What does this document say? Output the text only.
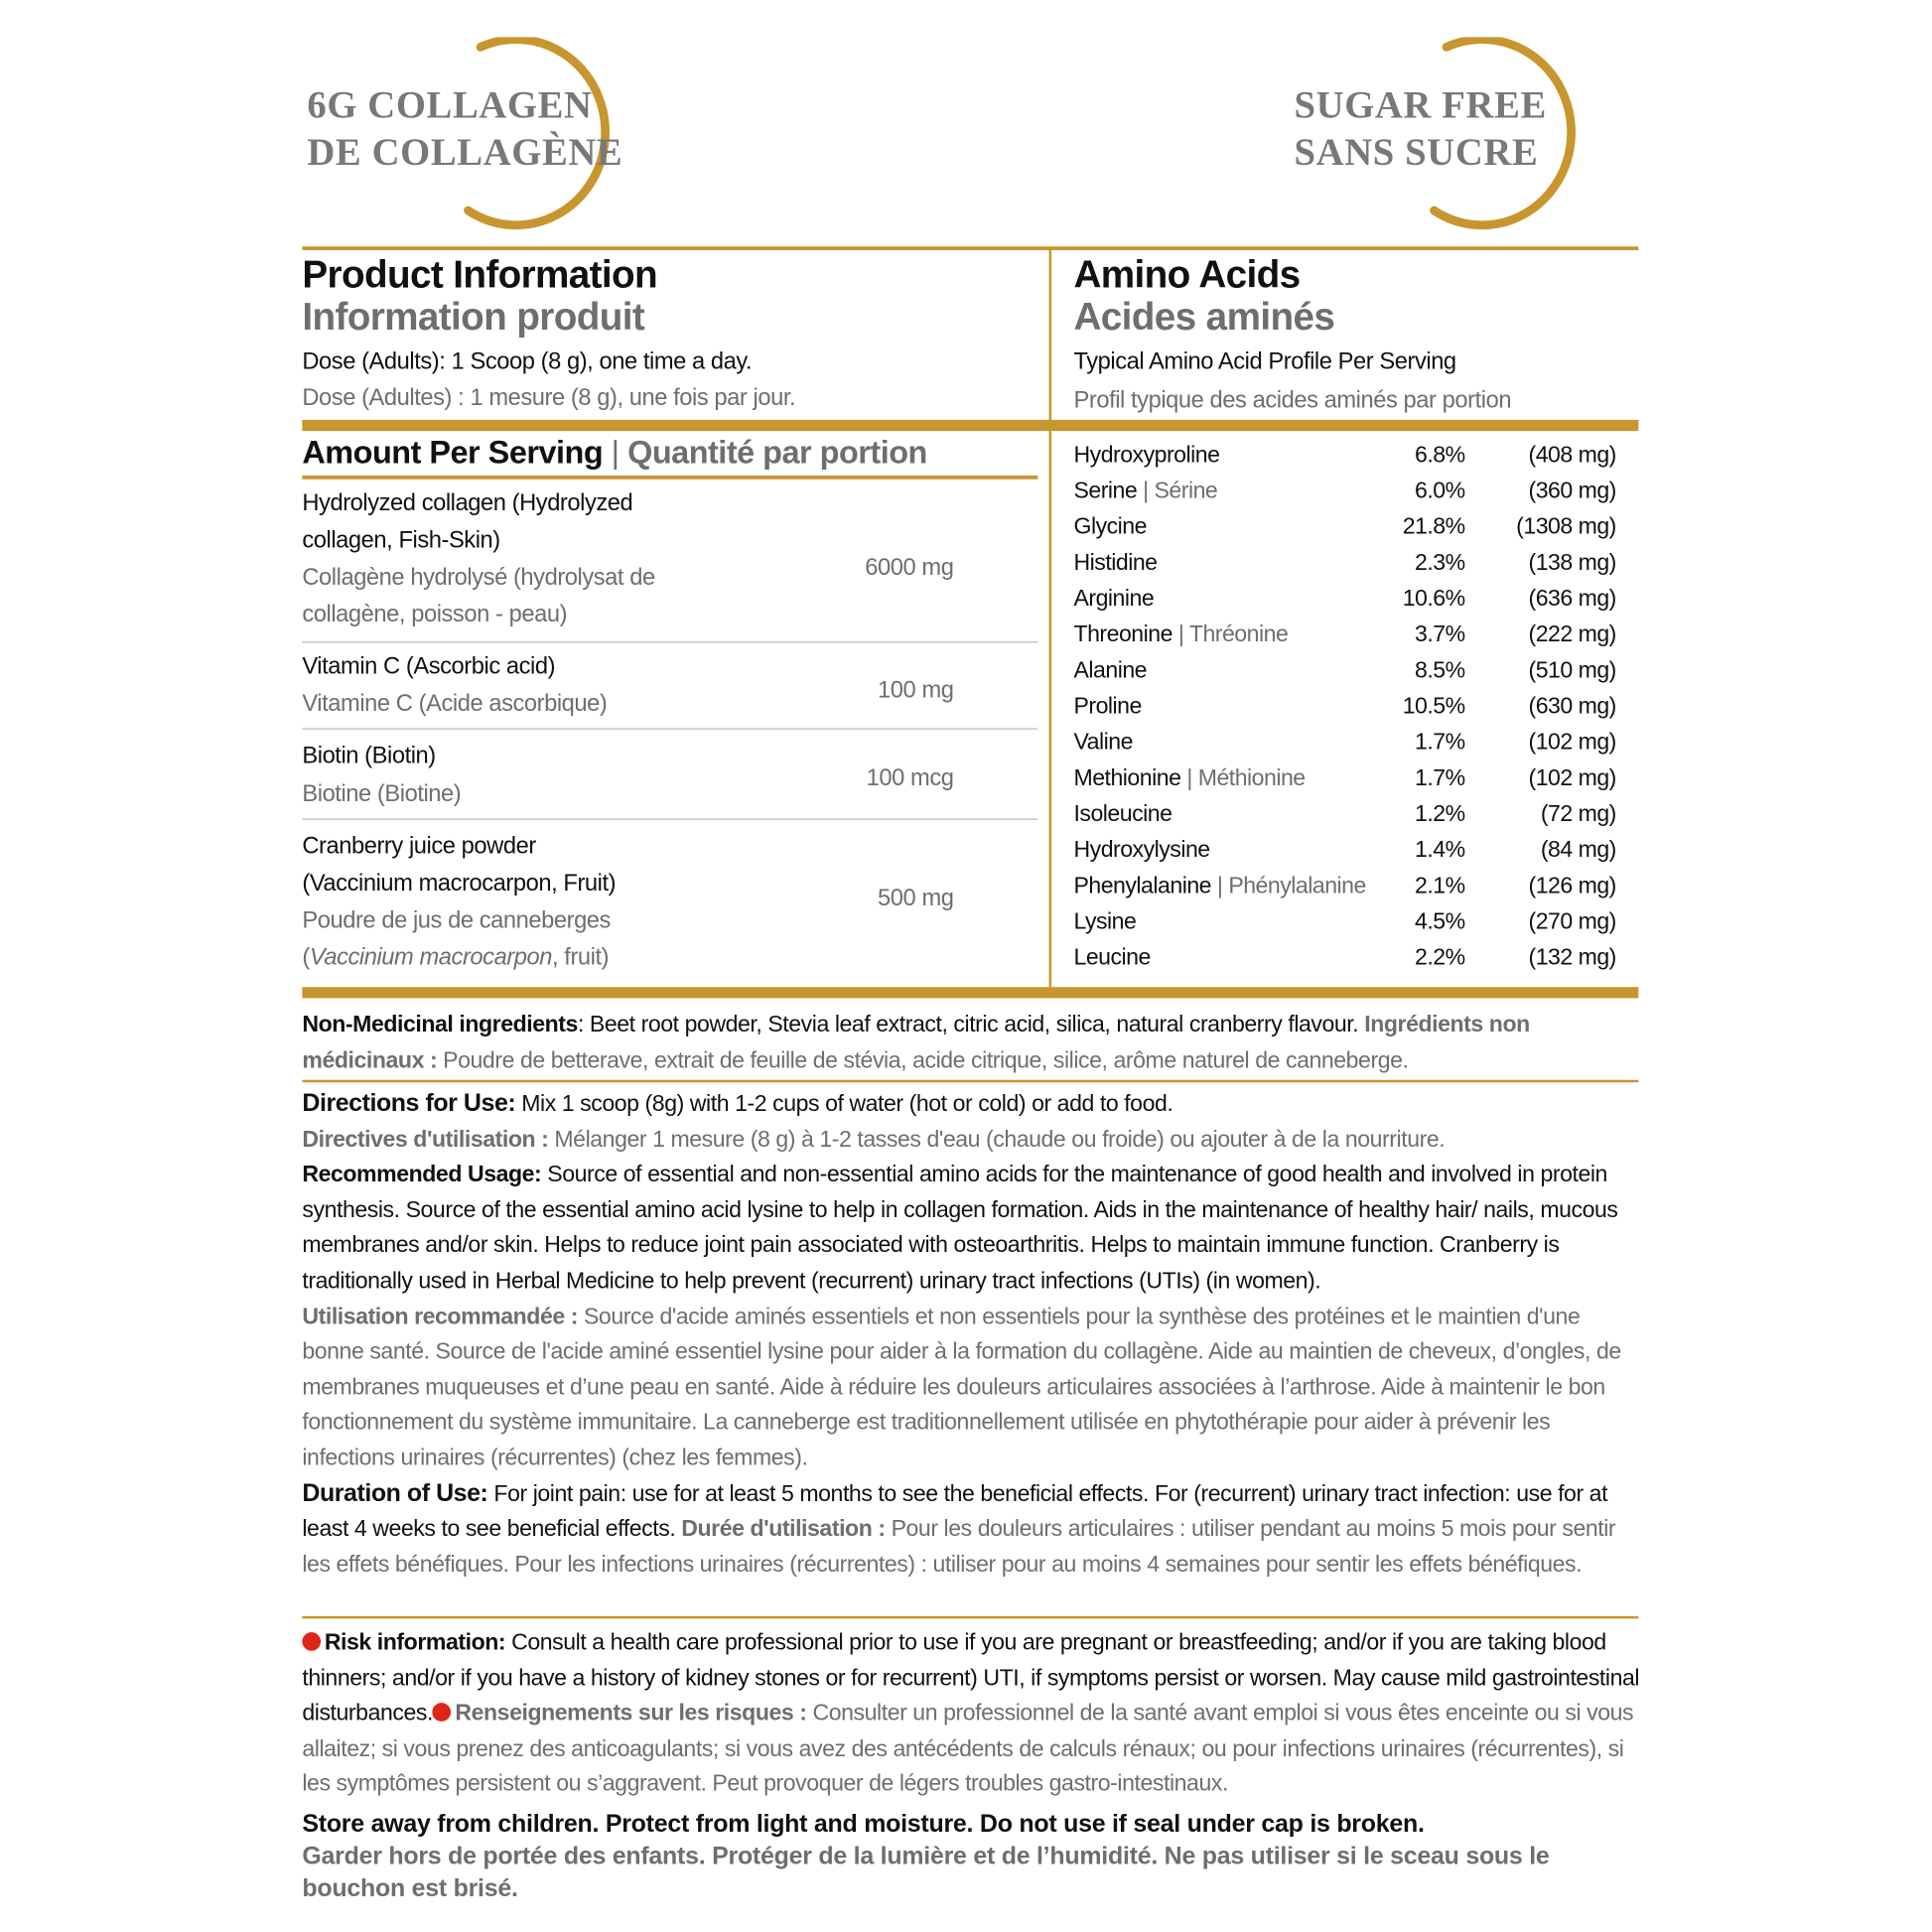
6G COLLAGEN
DE COLLAGÈNE
SUGAR FREE
SANS SUCRE
Product Information
Information produit
Dose (Adults): 1 Scoop (8 g), one time a day.
Dose (Adultes) : 1 mesure (8 g), une fois par jour.
Amino Acids
Acides aminés
Typical Amino Acid Profile Per Serving
Profil typique des acides aminés par portion
Amount Per Serving | Quantité par portion
Hydrolyzed collagen (Hydrolyzed
collagen, Fish-Skin)
Collagène hydrolysé (hydrolysat de
collagène, poisson - peau)
6000 mg
Vitamin C (Ascorbic acid)
Vitamine C (Acide ascorbique)
100 mg
Biotin (Biotin)
Biotine (Biotine)
100 mcg
Cranberry juice powder
(Vaccinium macrocarpon, Fruit)
Poudre de jus de canneberges
(Vaccinium macrocarpon, fruit)
500 mg
Hydroxyproline	6.8%	(408 mg)
Serine | Sérine	6.0%	(360 mg)
Glycine	21.8%	(1308 mg)
Histidine	2.3%	(138 mg)
Arginine	10.6%	(636 mg)
Threonine | Thréonine	3.7%	(222 mg)
Alanine	8.5%	(510 mg)
Proline	10.5%	(630 mg)
Valine	1.7%	(102 mg)
Methionine | Méthionine	1.7%	(102 mg)
Isoleucine	1.2%	(72 mg)
Hydroxylysine	1.4%	(84 mg)
Phenylalanine | Phénylalanine	2.1%	(126 mg)
Lysine	4.5%	(270 mg)
Leucine	2.2%	(132 mg)
Non-Medicinal ingredients: Beet root powder, Stevia leaf extract, citric acid, silica, natural cranberry flavour. Ingrédients non médicinaux : Poudre de betterave, extrait de feuille de stévia, acide citrique, silice, arôme naturel de canneberge.
Directions for Use: Mix 1 scoop (8g) with 1-2 cups of water (hot or cold) or add to food.
Directives d'utilisation : Mélanger 1 mesure (8 g) à 1-2 tasses d'eau (chaude ou froide) ou ajouter à de la nourriture.
Recommended Usage: Source of essential and non-essential amino acids for the maintenance of good health and involved in protein synthesis. Source of the essential amino acid lysine to help in collagen formation. Aids in the maintenance of healthy hair/ nails, mucous membranes and/or skin. Helps to reduce joint pain associated with osteoarthritis. Helps to maintain immune function. Cranberry is traditionally used in Herbal Medicine to help prevent (recurrent) urinary tract infections (UTIs) (in women).
Utilisation recommandée : Source d'acide aminés essentiels et non essentiels pour la synthèse des protéines et le maintien d'une bonne santé. Source de l'acide aminé essentiel lysine pour aider à la formation du collagène. Aide au maintien de cheveux, d’ongles, de membranes muqueuses et d’une peau en santé. Aide à réduire les douleurs articulaires associées à l’arthrose. Aide à maintenir le bon fonctionnement du système immunitaire. La canneberge est traditionnellement utilisée en phytothérapie pour aider à prévenir les infections urinaires (récurrentes) (chez les femmes).
Duration of Use: For joint pain: use for at least 5 months to see the beneficial effects. For (recurrent) urinary tract infection: use for at least 4 weeks to see beneficial effects. Durée d'utilisation : Pour les douleurs articulaires : utiliser pendant au moins 5 mois pour sentir les effets bénéfiques. Pour les infections urinaires (récurrentes) : utiliser pour au moins 4 semaines pour sentir les effets bénéfiques.
Risk information: Consult a health care professional prior to use if you are pregnant or breastfeeding; and/or if you are taking blood thinners; and/or if you have a history of kidney stones or for recurrent) UTI, if symptoms persist or worsen. May cause mild gastrointestinal disturbances. Renseignements sur les risques : Consulter un professionnel de la santé avant emploi si vous êtes enceinte ou si vous allaitez; si vous prenez des anticoagulants; si vous avez des antécédents de calculs rénaux; ou pour infections urinaires (récurrentes), si les symptômes persistent ou s’aggravent. Peut provoquer de légers troubles gastro-intestinaux.
Store away from children. Protect from light and moisture. Do not use if seal under cap is broken.
Garder hors de portée des enfants. Protéger de la lumière et de l’humidité. Ne pas utiliser si le sceau sous le bouchon est brisé.
